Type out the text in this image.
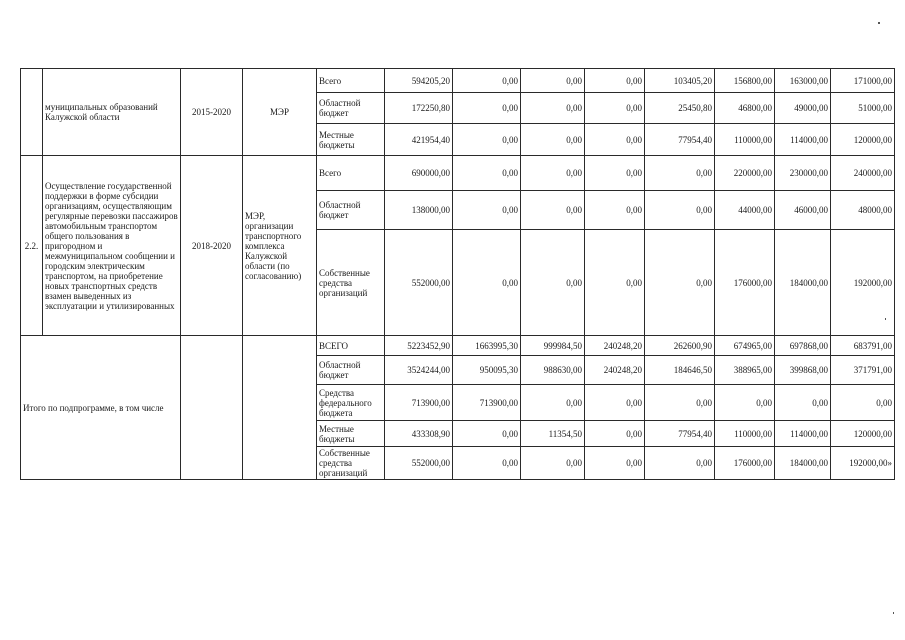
	муниципальных образований Калужской области	2015-2020	МЭР	Всего	594205,20	0,00	0,00	0,00	103405,20	156800,00	163000,00	171000,00
				Областной бюджет	172250,80	0,00	0,00	0,00	25450,80	46800,00	49000,00	51000,00
				Местные бюджеты	421954,40	0,00	0,00	0,00	77954,40	110000,00	114000,00	120000,00
2.2.	Осуществление государственной поддержки в форме субсидии организациям, осуществляющим регулярные перевозки пассажиров автомобильным транспортом общего пользования в пригородном и межмуниципальном сообщении и городским электрическим транспортом, на приобретение новых транспортных средств взамен выведенных из эксплуатации и утилизированных	2018-2020	МЭР, организации транспортного комплекса Калужской области (по согласованию)	Всего	690000,00	0,00	0,00	0,00	0,00	220000,00	230000,00	240000,00
				Областной бюджет	138000,00	0,00	0,00	0,00	0,00	44000,00	46000,00	48000,00
				Собственные средства организаций	552000,00	0,00	0,00	0,00	0,00	176000,00	184000,00	192000,00
Итого по подпрограмме, в том числе				ВСЕГО	5223452,90	1663995,30	999984,50	240248,20	262600,90	674965,00	697868,00	683791,00
				Областной бюджет	3524244,00	950095,30	988630,00	240248,20	184646,50	388965,00	399868,00	371791,00
				Средства федерального бюджета	713900,00	713900,00	0,00	0,00	0,00	0,00	0,00	0,00
				Местные бюджеты	433308,90	0,00	11354,50	0,00	77954,40	110000,00	114000,00	120000,00
				Собственные средства организаций	552000,00	0,00	0,00	0,00	0,00	176000,00	184000,00	192000,00»
